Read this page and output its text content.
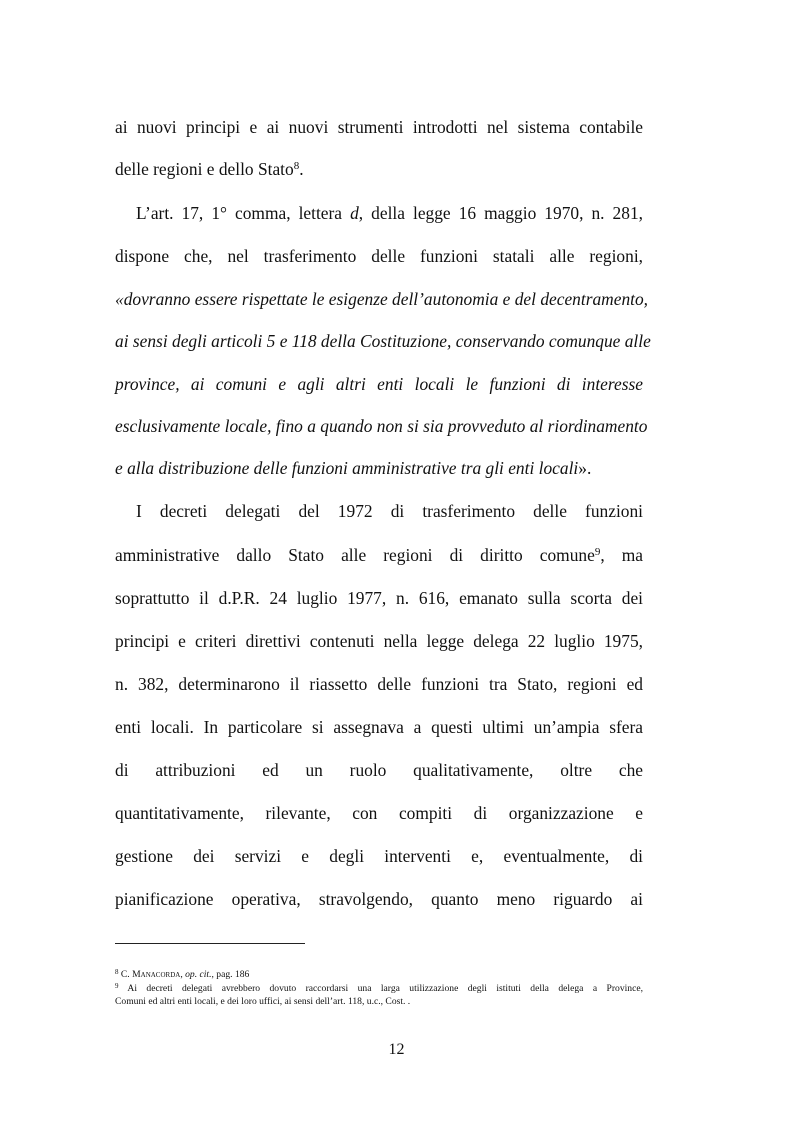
ai nuovi principi e ai nuovi strumenti introdotti nel sistema contabile
delle regioni e dello Stato$^8$.
L’art. 17, 1° comma, lettera d, della legge 16 maggio 1970, n. 281,
dispone che, nel trasferimento delle funzioni statali alle regioni,
«dovranno essere rispettate le esigenze dell’autonomia e del decentramento,
ai sensi degli articoli 5 e 118 della Costituzione, conservando comunque alle
province, ai comuni e agli altri enti locali le funzioni di interesse
esclusivamente locale, fino a quando non si sia provveduto al riordinamento
e alla distribuzione delle funzioni amministrative tra gli enti locali».
I decreti delegati del 1972 di trasferimento delle funzioni
amministrative dallo Stato alle regioni di diritto comune$^9$, ma
soprattutto il d.P.R. 24 luglio 1977, n. 616, emanato sulla scorta dei
principi e criteri direttivi contenuti nella legge delega 22 luglio 1975,
n. 382, determinarono il riassetto delle funzioni tra Stato, regioni ed
enti locali. In particolare si assegnava a questi ultimi un’ampia sfera
di attribuzioni ed un ruolo qualitativamente, oltre che
quantitativamente, rilevante, con compiti di organizzazione e
gestione dei servizi e degli interventi e, eventualmente, di
pianificazione operativa, stravolgendo, quanto meno riguardo ai
$^8$ C. Manacorda, op. cit., pag. 186
$^9$ Ai decreti delegati avrebbero dovuto raccordarsi una larga utilizzazione degli istituti della delega a Province,
Comuni ed altri enti locali, e dei loro uffici, ai sensi dell’art. 118, u.c., Cost. .
12
